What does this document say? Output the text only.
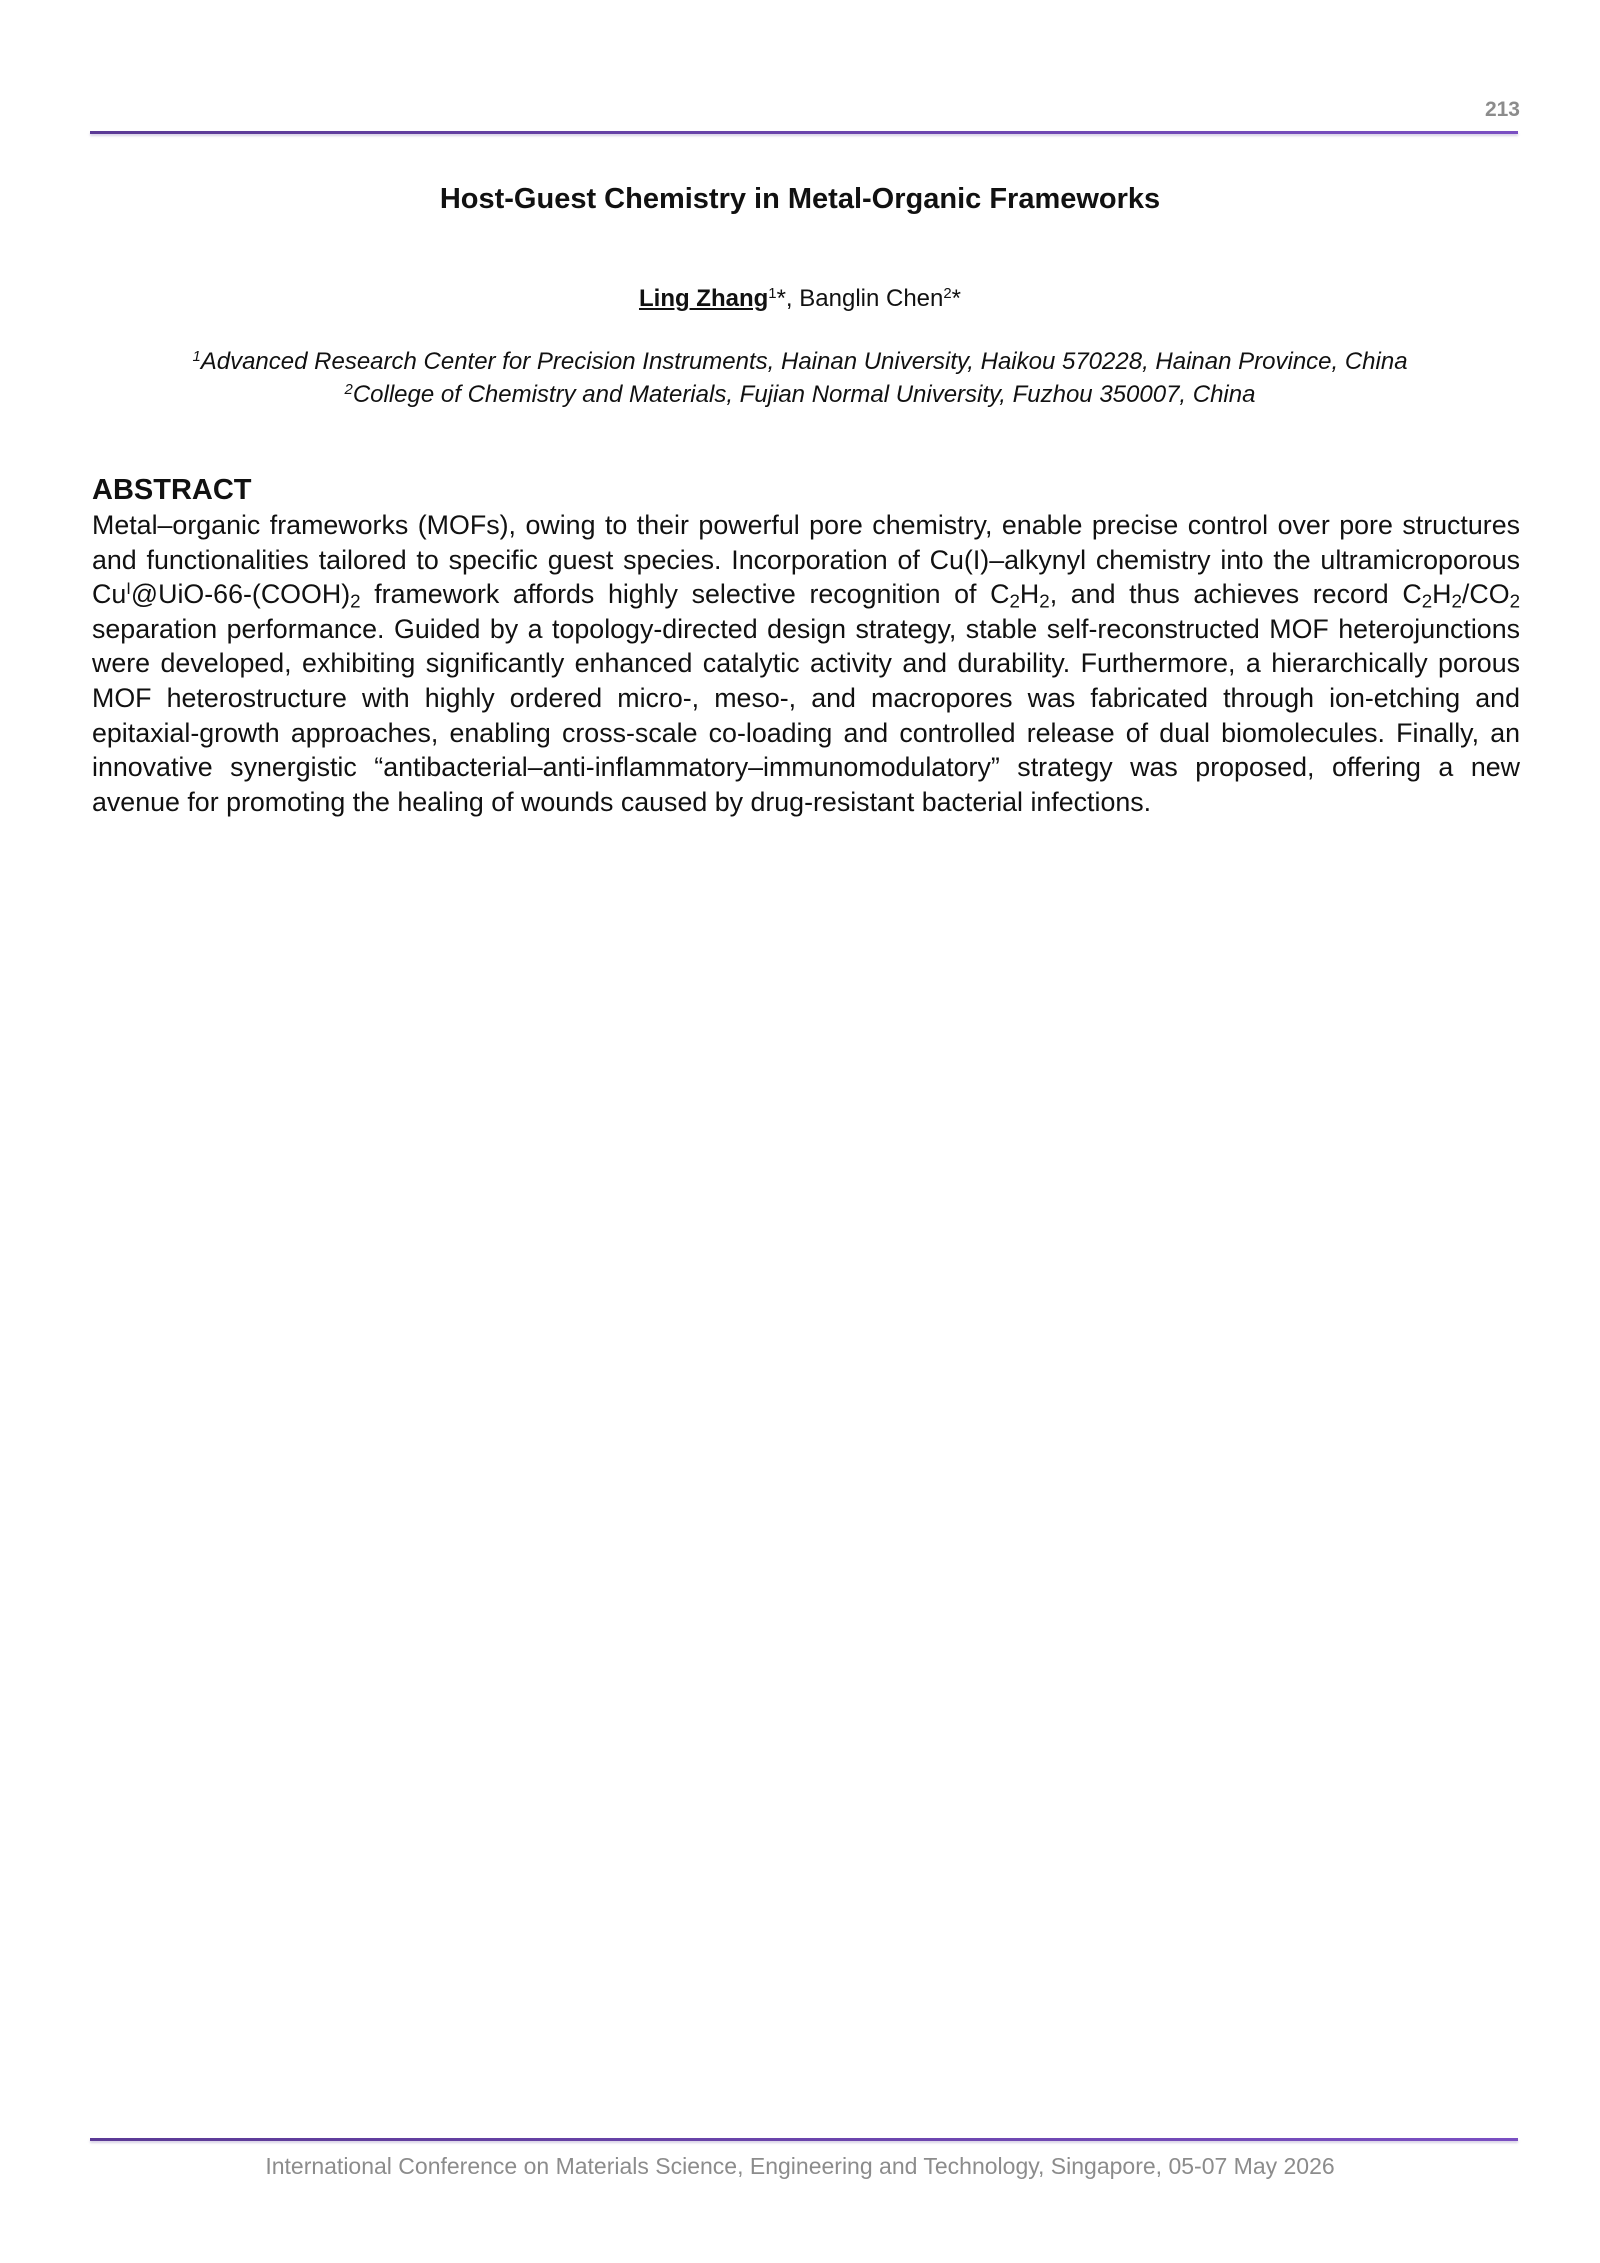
213
Host-Guest Chemistry in Metal-Organic Frameworks
Ling Zhang$^1$*, Banglin Chen$^2$*
$^1$Advanced Research Center for Precision Instruments, Hainan University, Haikou 570228, Hainan Province, China
$^2$College of Chemistry and Materials, Fujian Normal University, Fuzhou 350007, China
ABSTRACT

Metal–organic frameworks (MOFs), owing to their powerful pore chemistry, enable precise control over pore structures and functionalities tailored to specific guest species. Incorporation of Cu(I)–alkynyl chemistry into the ultramicroporous $Cu^I@UiO-66-(COOH)_2$ framework affords highly selective recognition of $C_2H_2$, and thus achieves record $C_2H_2/CO_2$ separation performance. Guided by a topology-directed design strategy, stable self-reconstructed MOF heterojunctions were developed, exhibiting significantly enhanced catalytic activity and durability. Furthermore, a hierarchically porous MOF heterostructure with highly ordered micro-, meso-, and macropores was fabricated through ion-etching and epitaxial-growth approaches, enabling cross-scale co-loading and controlled release of dual biomolecules. Finally, an innovative synergistic “antibacterial–anti-inflammatory–immunomodulatory” strategy was proposed, offering a new avenue for promoting the healing of wounds caused by drug-resistant bacterial infections.

International Conference on Materials Science, Engineering and Technology, Singapore, 05-07 May 2026
